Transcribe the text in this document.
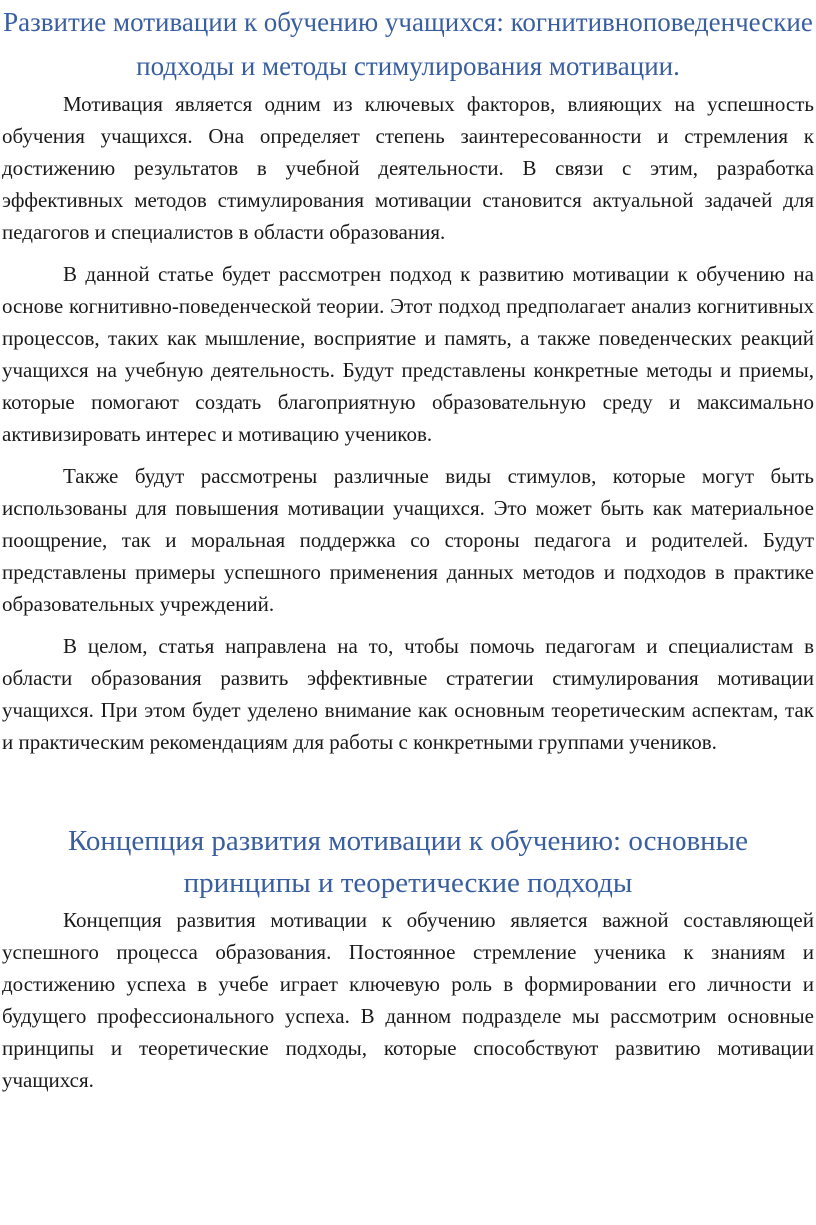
Развитие мотивации к обучению учащихся: когнитивноповеденческие подходы и методы стимулирования мотивации.

Мотивация является одним из ключевых факторов, влияющих на успешность обучения учащихся. Она определяет степень заинтересованности и стремления к достижению результатов в учебной деятельности. В связи с этим, разработка эффективных методов стимулирования мотивации становится актуальной задачей для педагогов и специалистов в области образования.

В данной статье будет рассмотрен подход к развитию мотивации к обучению на основе когнитивно-поведенческой теории. Этот подход предполагает анализ когнитивных процессов, таких как мышление, восприятие и память, а также поведенческих реакций учащихся на учебную деятельность. Будут представлены конкретные методы и приемы, которые помогают создать благоприятную образовательную среду и максимально активизировать интерес и мотивацию учеников.

Также будут рассмотрены различные виды стимулов, которые могут быть использованы для повышения мотивации учащихся. Это может быть как материальное поощрение, так и моральная поддержка со стороны педагога и родителей. Будут представлены примеры успешного применения данных методов и подходов в практике образовательных учреждений.

В целом, статья направлена на то, чтобы помочь педагогам и специалистам в области образования развить эффективные стратегии стимулирования мотивации учащихся. При этом будет уделено внимание как основным теоретическим аспектам, так и практическим рекомендациям для работы с конкретными группами учеников.

Концепция развития мотивации к обучению: основные принципы и теоретические подходы

Концепция развития мотивации к обучению является важной составляющей успешного процесса образования. Постоянное стремление ученика к знаниям и достижению успеха в учебе играет ключевую роль в формировании его личности и будущего профессионального успеха. В данном подразделе мы рассмотрим основные принципы и теоретические подходы, которые способствуют развитию мотивации учащихся.
